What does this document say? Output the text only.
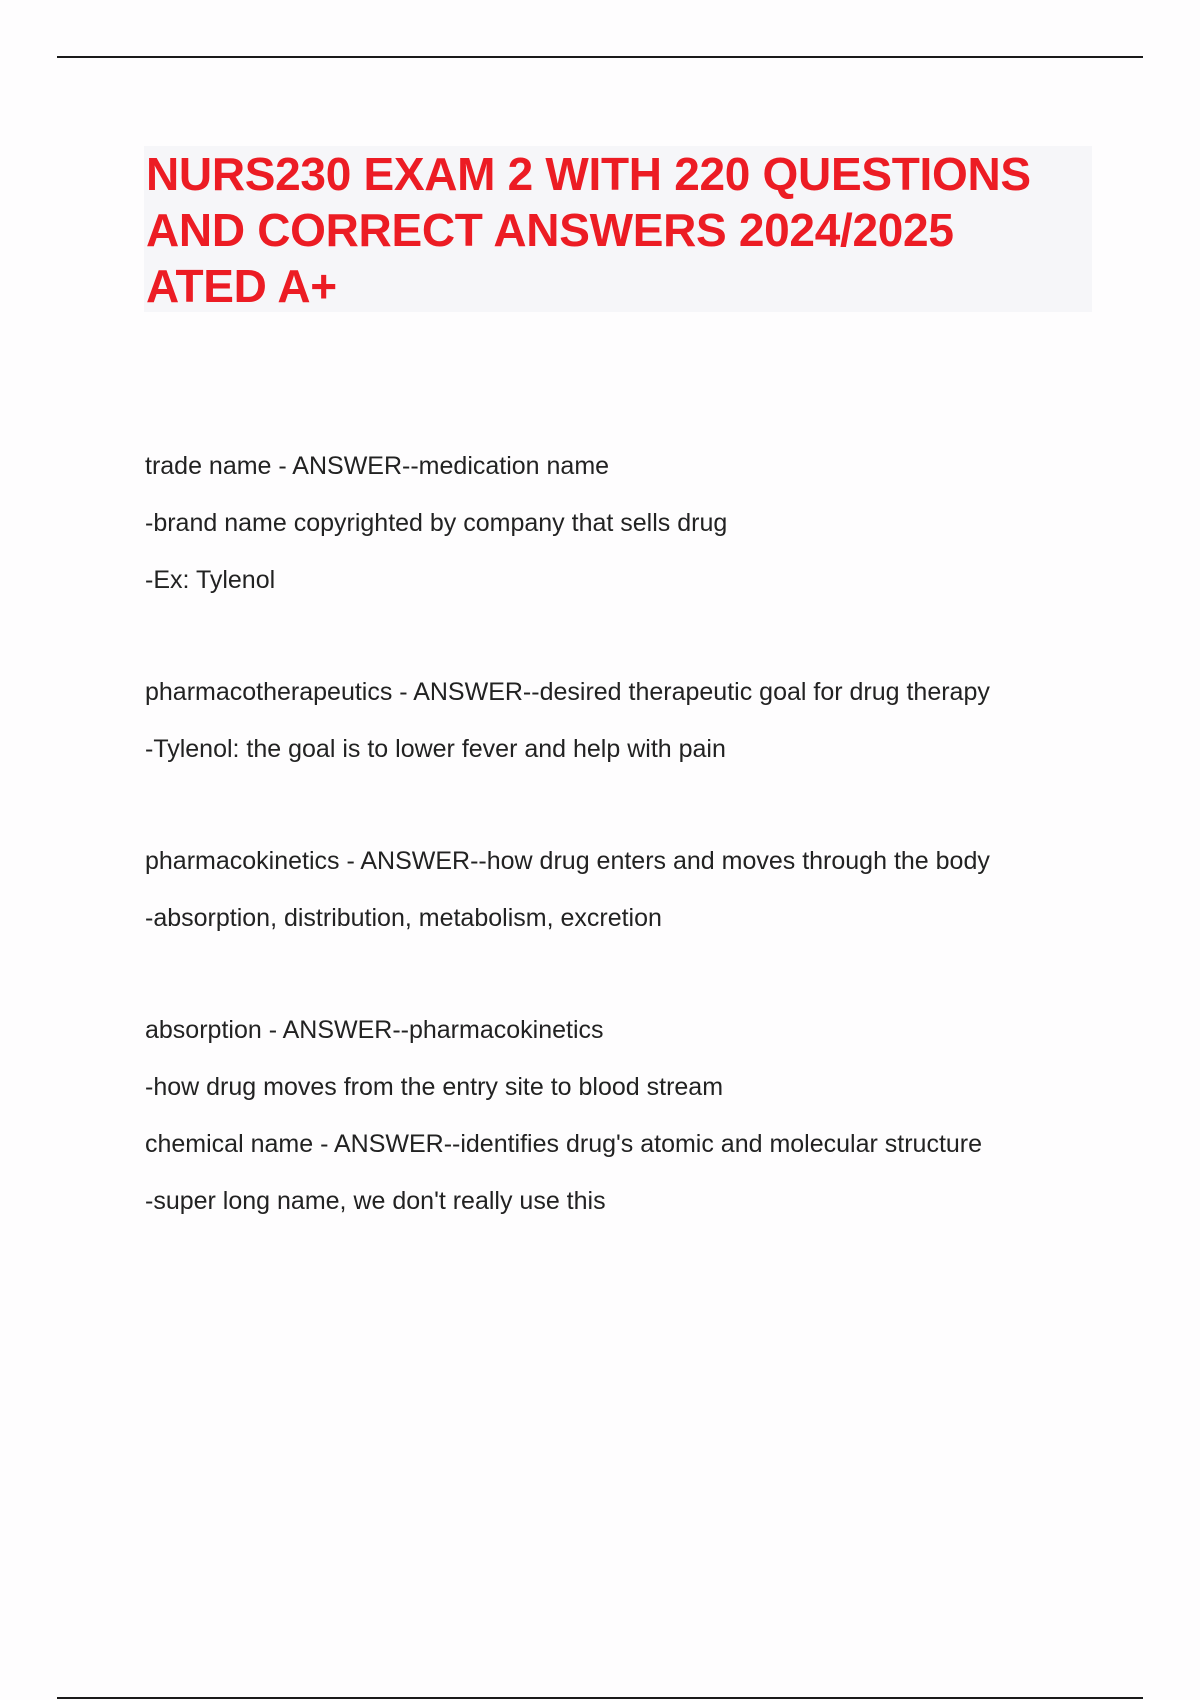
NURS230 EXAM 2 WITH 220 QUESTIONS
AND CORRECT ANSWERS 2024/2025
ATED A+

trade name - ANSWER--medication name

-brand name copyrighted by company that sells drug

-Ex: Tylenol

pharmacotherapeutics - ANSWER--desired therapeutic goal for drug therapy

-Tylenol: the goal is to lower fever and help with pain

pharmacokinetics - ANSWER--how drug enters and moves through the body

-absorption, distribution, metabolism, excretion

absorption - ANSWER--pharmacokinetics

-how drug moves from the entry site to blood stream

chemical name - ANSWER--identifies drug's atomic and molecular structure

-super long name, we don't really use this
